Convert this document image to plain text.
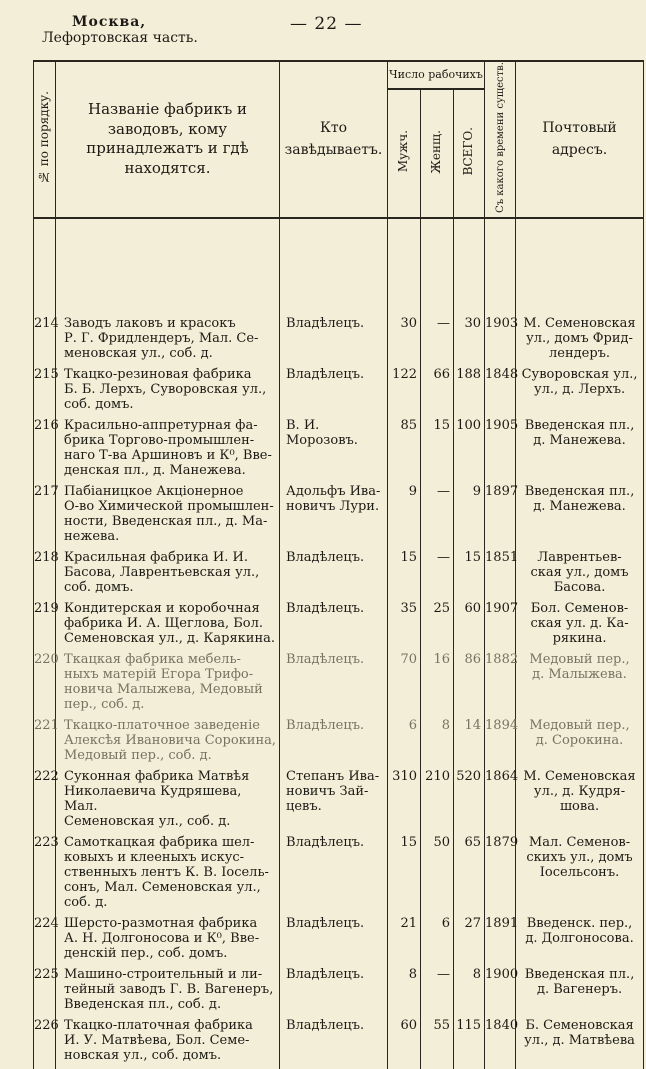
Москва,
Лефортовская часть.
— 22 —
№ по порядку.	Названіе фабрикъ и заводовъ, кому принадлежатъ и гдѣ находятся.	Кто завѣдываетъ.	Число рабочихъ			Съ какого времени существ.	Почтовый адресъ.
			Мужч.	Женщ.	ВСЕГО.		

214	Заводъ лаковъ и красокъ
Р. Г. Фридлендеръ, Мал. Се-
меновская ул., соб. д.	Владѣлецъ.	30	—	30	1903	М. Семеновская
ул., домъ Фрид-
лендеръ.

215	Ткацко-резиновая фабрика
Б. Б. Лерхъ, Суворовская ул.,
соб. домъ.	Владѣлецъ.	122	66	188	1848	Суворовская ул.,
ул., д. Лерхъ.

216	Красильно-аппретурная фа-
брика Торгово-промышлен-
наго Т-ва Аршиновъ и К⁰, Вве-
денская пл., д. Манежева.	В. И. Морозовъ.	85	15	100	1905	Введенская пл.,
д. Манежева.

217	Пабіаницкое Акціонерное
О-во Химической промышлен-
ности, Введенская пл., д. Ма-
нежева.	Адольфъ Ива-
новичъ Лури.	9	—	9	1897	Введенская пл.,
д. Манежева.

218	Красильная фабрика И. И.
Басова, Лаврентьевская ул.,
соб. домъ.	Владѣлецъ.	15	—	15	1851	Лаврентьев-
ская ул., домъ
Басова.

219	Кондитерская и коробочная
фабрика И. А. Щеглова, Бол.
Семеновская ул., д. Карякина.	Владѣлецъ.	35	25	60	1907	Бол. Семенов-
ская ул. д. Ка-
рякина.

220	Ткацкая фабрика мебель-
ныхъ матерій Егора Трифо-
новича Малыжева, Медовый
пер., соб. д.	Владѣлецъ.	70	16	86	1882	Медовый пер.,
д. Малыжева.

221	Ткацко-платочное заведеніе
Алексѣя Ивановича Сорокина,
Медовый пер., соб. д.	Владѣлецъ.	6	8	14	1894	Медовый пер.,
д. Сорокина.

222	Суконная фабрика Матвѣя
Николаевича Кудряшева, Мал.
Семеновская ул., соб. д.	Степанъ Ива-
новичъ Зай-
цевъ.	310	210	520	1864	М. Семеновская
ул., д. Кудря-
шова.

223	Самоткацкая фабрика шел-
ковыхъ и клееныхъ искус-
ственныхъ лентъ К. В. Іосель-
сонъ, Мал. Семеновская ул.,
соб. д.	Владѣлецъ.	15	50	65	1879	Мал. Семенов-
скихъ ул., домъ
Іосельсонъ.

224	Шерсто-размотная фабрика
А. Н. Долгоносова и К⁰, Вве-
денскій пер., соб. домъ.	Владѣлецъ.	21	6	27	1891	Введенск. пер.,
д. Долгоносова.

225	Машино-строительный и ли-
тейный заводъ Г. В. Вагенеръ,
Введенская пл., соб. д.	Владѣлецъ.	8	—	8	1900	Введенская пл.,
д. Вагенеръ.

226	Ткацко-платочная фабрика
И. У. Матвѣева, Бол. Семе-
новская ул., соб. домъ.	Владѣлецъ.	60	55	115	1840	Б. Семеновская
ул., д. Матвѣева
